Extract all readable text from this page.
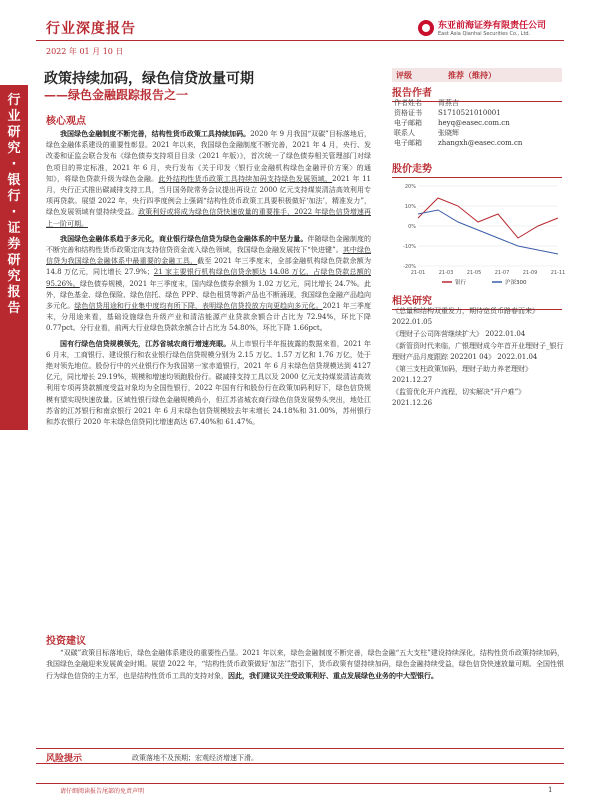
行业深度报告	东亚前海证券有限责任公司
East Asia Qianhai Securities Co., Ltd.
2022 年 01 月 10 日
行业研究·银行·证券研究报告
政策持续加码，绿色信贷放量可期
——绿色金融跟踪报告之一
核心观点

我国绿色金融制度不断完善，结构性货币政策工具持续加码。2020 年 9 月我国“双碳”目标落地后，绿色金融体系建设的重要性彰显。2021 年以来，我国绿色金融制度不断完善，2021 年 4 月，央行、发改委和证监会联合发布《绿色债券支持项目目录（2021 年版）》，首次统一了绿色债券相关管理部门对绿色项目的界定标准，2021 年 6 月，央行发布《关于印发〈银行业金融机构绿色金融评价方案〉的通知》，将绿色贷款升级为绿色金融。此外结构性货币政策工具持续加码支持绿色发展领域，2021 年 11 月，央行正式推出碳减排支持工具，当月国务院常务会议提出再设立 2000 亿元支持煤炭清洁高效利用专项再贷款。展望 2022 年，央行四季度例会上强调“结构性货币政策工具要积极做好‘加法’，精准发力”，绿色发展领域有望持续受益。政策利好或将成为绿色信贷快速放量的重要推手，2022 年绿色信贷增速再上一阶可期。

我国绿色金融体系趋于多元化，商业银行绿色信贷为绿色金融体系的中坚力量。伴随绿色金融制度的不断完善和结构性货币政策定向支持信贷资金流入绿色领域，我国绿色金融发展按下“快进键”。其中绿色信贷为我国绿色金融体系中最重要的金融工具，截至 2021 年三季度末，全部金融机构绿色贷款余额为 14.8 万亿元，同比增长 27.9%；21 家主要银行机构绿色信贷余额达 14.08 万亿，占绿色贷款总额的 95.26%。绿色债券规模，2021 年三季度末，国内绿色债券余额为 1.02 万亿元，同比增长 24.7%。此外，绿色基金、绿色保险、绿色信托、绿色 PPP、绿色租赁等新产品也不断涌现，我国绿色金融产品趋向多元化。绿色信贷用途和行业集中度均有所下降，表明绿色信贷投放方向更趋向多元化。2021 年三季度末，分用途来看，基础设施绿色升级产业和清洁能源产业贷款余额合计占比为 72.94%，环比下降 0.77pct。分行业看，前两大行业绿色贷款余额合计占比为 54.80%，环比下降 1.66pct。

国有行绿色信贷规模领先，江苏省城农商行增速亮眼。从上市银行半年报披露的数据来看，2021 年 6 月末，工商银行、建设银行和农业银行绿色信贷规模分别为 2.15 万亿、1.57 万亿和 1.76 万亿，处于绝对领先地位。股份行中的兴业银行作为我国第一家赤道银行，2021 年 6 月末绿色信贷规模达到 4127 亿元，同比增长 29.19%，规模和增速均领跑股份行。碳减排支持工具以及 2000 亿元支持煤炭清洁高效利用专项再贷款额度受益对象均为全国性银行，2022 年国有行和股份行在政策加码利好下，绿色信贷规模有望实现快速放量。区域性银行绿色金融规模尚小，但江苏省城农商行绿色信贷发展势头突出，地处江苏省的江苏银行和南京银行 2021 年 6 月末绿色信贷规模较去年末增长 24.18%和 31.00%，苏州银行和苏农银行 2020 年末绿色信贷同比增速高达 67.40%和 61.47%。

投资建议

“双碳”政策目标落地后，绿色金融体系建设的重要性凸显。2021 年以来，绿色金融制度不断完善，绿色金融“五大支柱”建设持续深化，结构性货币政策持续加码，我国绿色金融迎来发展黄金时期。展望 2022 年，“结构性货币政策做好‘加法’”指引下，货币政策有望持续加码，绿色金融持续受益，绿色信贷快速放量可期。全国性银行为绿色信贷的主力军，也是结构性货币工具的支持对象，因此，我们建议关注受政策利好、重点发展绿色业务的中大型银行。

评级	推荐（维持）
报告作者
作者姓名	胥燕吉
资格证书	S1710521010001
电子邮箱	heyq@easec.com.cn
联系人	张晓辉
电子邮箱	zhangxh@easec.com.cn
股价走势
20%
10%
0%
-10%
-20%
21-01	21-03	21-05	21-07	21-09	21-11
银行	沪深300
相关研究
《总量和结构双重发力，期待宽货币路春而来》 2022.01.05
《理财子公司阵营继续扩大》 2022.01.04
《新管资时代来临，广银理财成今年首开业理财子_银行理财产品月度跟踪 202201 04》 2022.01.04
《第三支柱政策加码，理财子助力养老理财》 2021.12.27
《监管优化开户流程，切实解决“开户难”》 2021.12.26
风险提示	政策落地不及预期；宏观经济增速下滑。
请仔细阅读报告尾部的免责声明	1
